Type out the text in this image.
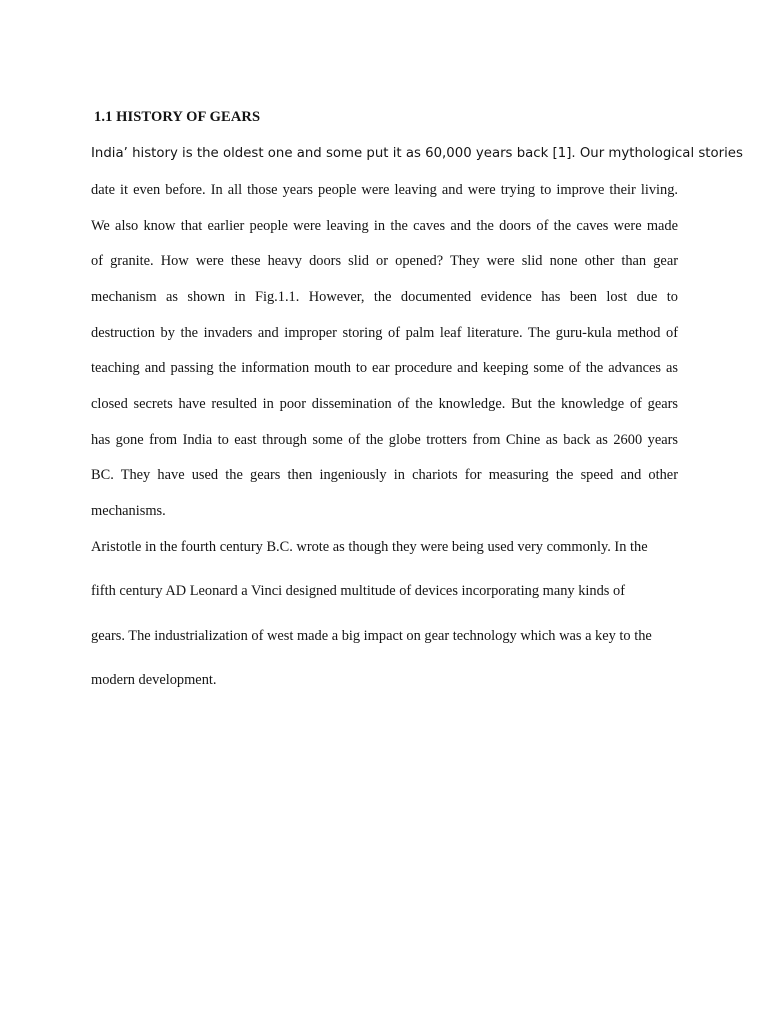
1.1 HISTORY OF GEARS
India’ history is the oldest one and some put it as 60,000 years back [1]. Our mythological stories
date it even before. In all those years people were leaving and were trying to improve their living.
We also know that earlier people were leaving in the caves and the doors of the caves were made
of granite. How were these heavy doors slid or opened? They were slid none other than gear
mechanism as shown in Fig.1.1. However, the documented evidence has been lost due to
destruction by the invaders and improper storing of palm leaf literature. The guru-kula method of
teaching and passing the information mouth to ear procedure and keeping some of the advances as
closed secrets have resulted in poor dissemination of the knowledge. But the knowledge of gears
has gone from India to east through some of the globe trotters from Chine as back as 2600 years
BC. They have used the gears then ingeniously in chariots for measuring the speed and other
mechanisms.
Aristotle in the fourth century B.C. wrote as though they were being used very commonly. In the
fifth century AD Leonard a Vinci designed multitude of devices incorporating many kinds of
gears. The industrialization of west made a big impact on gear technology which was a key to the
modern development.
